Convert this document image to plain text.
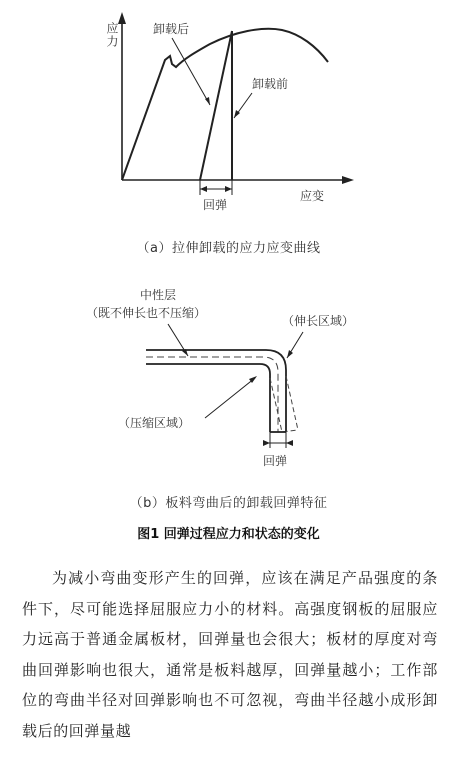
应力	卸载后
卸载前
应变
回弹
（a）拉伸卸载的应力应变曲线
中性层
（既不伸长也不压缩）
（伸长区域）
（压缩区域）
回弹
（b）板料弯曲后的卸载回弹特征
图1 回弹过程应力和状态的变化

为减小弯曲变形产生的回弹，应该在满足产品强度的条件下，尽可能选择屈服应力小的材料。高强度钢板的屈服应力远高于普通金属板材，回弹量也会很大；板材的厚度对弯曲回弹影响也很大，通常是板料越厚，回弹量越小；工作部位的弯曲半径对回弹影响也不可忽视，弯曲半径越小成形卸载后的回弹量越
